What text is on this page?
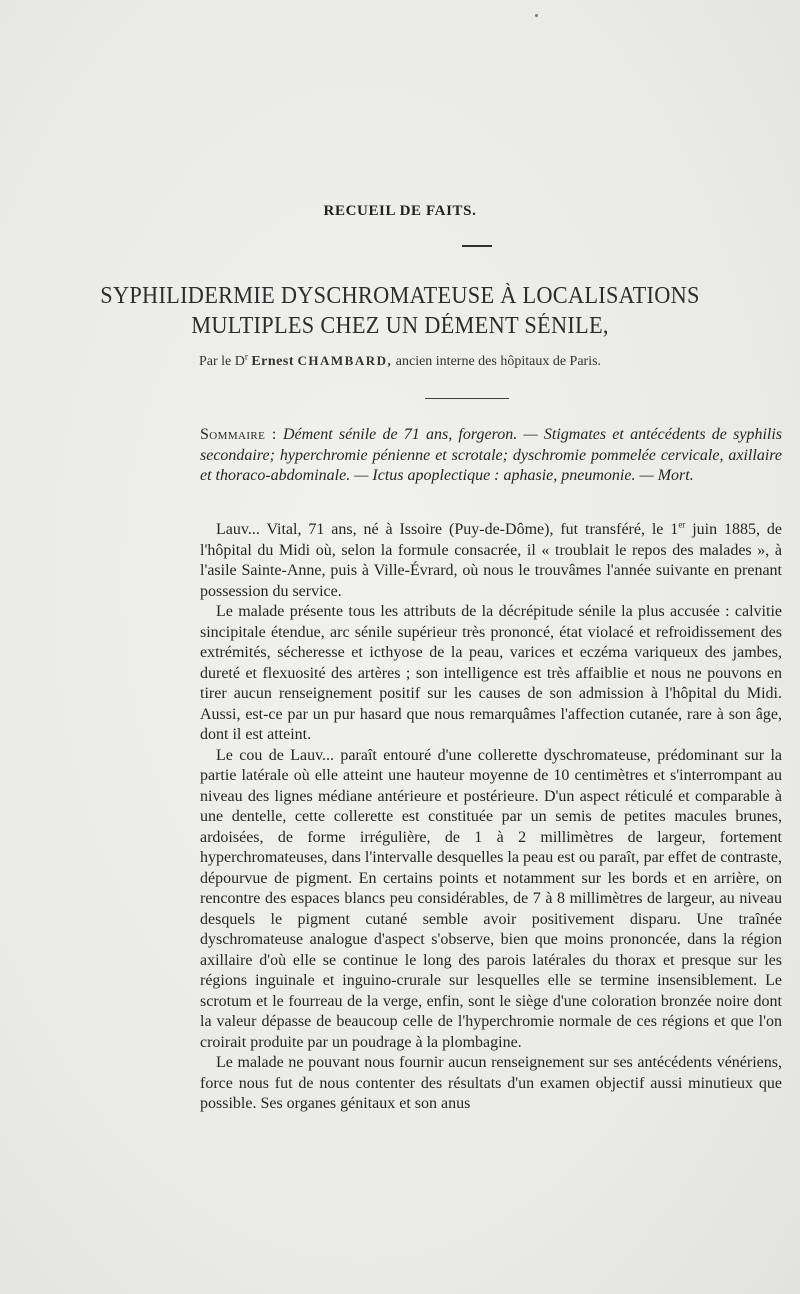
RECUEIL DE FAITS.
SYPHILIDERMIE DYSCHROMATEUSE À LOCALISATIONS
MULTIPLES CHEZ UN DÉMENT SÉNILE,
Par le $D^r$ Ernest CHAMBARD, ancien interne des hôpitaux de Paris.
Sommaire : Dément sénile de 71 ans, forgeron. — Stigmates et antécédents de syphilis secondaire; hyperchromie pénienne et scrotale; dyschromie pommelée cervicale, axillaire et thoraco-abdominale. — Ictus apoplectique : aphasie, pneumonie. — Mort.

 Lauv... Vital, 71 ans, né à Issoire (Puy-de-Dôme), fut transféré, le 1er juin 1885, de l'hôpital du Midi où, selon la formule consacrée, il « troublait le repos des malades », à l'asile Sainte-Anne, puis à Ville-Évrard, où nous le trouvâmes l'année suivante en prenant possession du service.

 Le malade présente tous les attributs de la décrépitude sénile la plus accusée : calvitie sincipitale étendue, arc sénile supérieur très prononcé, état violacé et refroidissement des extrémités, sécheresse et icthyose de la peau, varices et eczéma variqueux des jambes, dureté et flexuosité des artères ; son intelligence est très affaiblie et nous ne pouvons en tirer aucun renseignement positif sur les causes de son admission à l'hôpital du Midi. Aussi, est-ce par un pur hasard que nous remarquâmes l'affection cutanée, rare à son âge, dont il est atteint.

 Le cou de Lauv... paraît entouré d'une collerette dyschromateuse, prédominant sur la partie latérale où elle atteint une hauteur moyenne de 10 centimètres et s'interrompant au niveau des lignes médiane antérieure et postérieure. D'un aspect réticulé et comparable à une dentelle, cette collerette est constituée par un semis de petites macules brunes, ardoisées, de forme irrégulière, de 1 à 2 millimètres de largeur, fortement hyperchromateuses, dans l'intervalle desquelles la peau est ou paraît, par effet de contraste, dépourvue de pigment. En certains points et notamment sur les bords et en arrière, on rencontre des espaces blancs peu considérables, de 7 à 8 millimètres de largeur, au niveau desquels le pigment cutané semble avoir positivement disparu. Une traînée dyschromateuse analogue d'aspect s'observe, bien que moins prononcée, dans la région axillaire d'où elle se continue le long des parois latérales du thorax et presque sur les régions inguinale et inguino-crurale sur lesquelles elle se termine insensiblement. Le scrotum et le fourreau de la verge, enfin, sont le siège d'une coloration bronzée noire dont la valeur dépasse de beaucoup celle de l'hyperchromie normale de ces régions et que l'on croirait produite par un poudrage à la plombagine.

 Le malade ne pouvant nous fournir aucun renseignement sur ses antécédents vénériens, force nous fut de nous contenter des résultats d'un examen objectif aussi minutieux que possible. Ses organes génitaux et son anus
